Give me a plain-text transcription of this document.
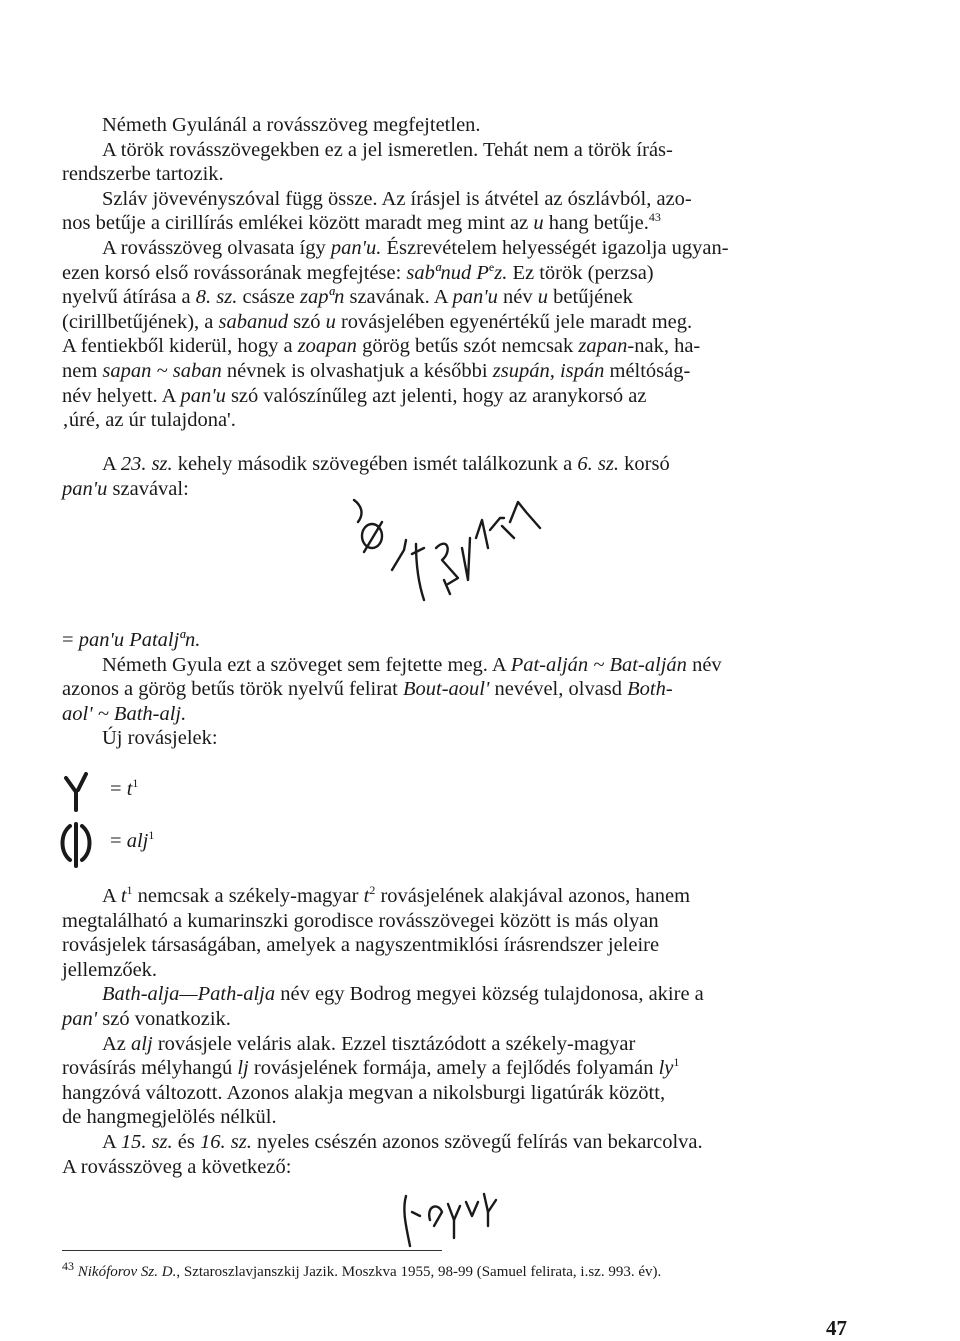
Németh Gyulánál a rovásszöveg megfejtetlen.
A török rovásszövegekben ez a jel ismeretlen. Tehát nem a török írás-
rendszerbe tartozik.
Szláv jövevényszóval függ össze. Az írásjel is átvétel az ószlávból, azo-
nos betűje a cirillírás emlékei között maradt meg mint az u hang betűje.$^{43}$
A rovásszöveg olvasata így pan'u. Észrevételem helyességét igazolja ugyan-
ezen korsó első rovássorának megfejtése: sabªnud $P^ez$. Ez török (perzsa)
nyelvű átírása a 8. sz. császe zapªn szavának. A pan'u név u betűjének
(cirillbetűjének), a sabanud szó u rovásjelében egyenértékű jele maradt meg.
A fentiekből kiderül, hogy a zoapan görög betűs szót nemcsak zapan-nak, ha-
nem sapan ~ saban névnek is olvashatjuk a későbbi zsupán, ispán méltóság-
név helyett. A pan'u szó valószínűleg azt jelenti, hogy az aranykorsó az
‚úré, az úr tulajdona'.
A 23. sz. kehely második szövegében ismét találkozunk a 6. sz. korsó
pan'u szavával:
= pan'u Pataljªn.
Németh Gyula ezt a szöveget sem fejtette meg. A Pat-alján ~ Bat-alján név
azonos a görög betűs török nyelvű felirat Bout-aoul' nevével, olvasd Both-
aol' ~ Bath-alj.
Új rovásjelek:
= $t^1$
= alj$^1$
A $t^1$ nemcsak a székely-magyar $t^2$ rovásjelének alakjával azonos, hanem
megtalálható a kumarinszki gorodisce rovásszövegei között is más olyan
rovásjelek társaságában, amelyek a nagyszentmiklósi írásrendszer jeleire
jellemzőek.
Bath-alja—Path-alja név egy Bodrog megyei község tulajdonosa, akire a
pan' szó vonatkozik.
Az alj rovásjele veláris alak. Ezzel tisztázódott a székely-magyar
rovásírás mélyhangú lj rovásjelének formája, amely a fejlődés folyamán $ly^1$
hangzóvá változott. Azonos alakja megvan a nikolsburgi ligatúrák között,
de hangmegjelölés nélkül.
A 15. sz. és 16. sz. nyeles csészén azonos szövegű felírás van bekarcolva.
A rovásszöveg a következő:
$^{43}$ Nikóforov Sz. D., Sztaroszlavjanszkij Jazik. Moszkva 1955, 98-99 (Samuel felirata, i.sz. 993. év).
47
